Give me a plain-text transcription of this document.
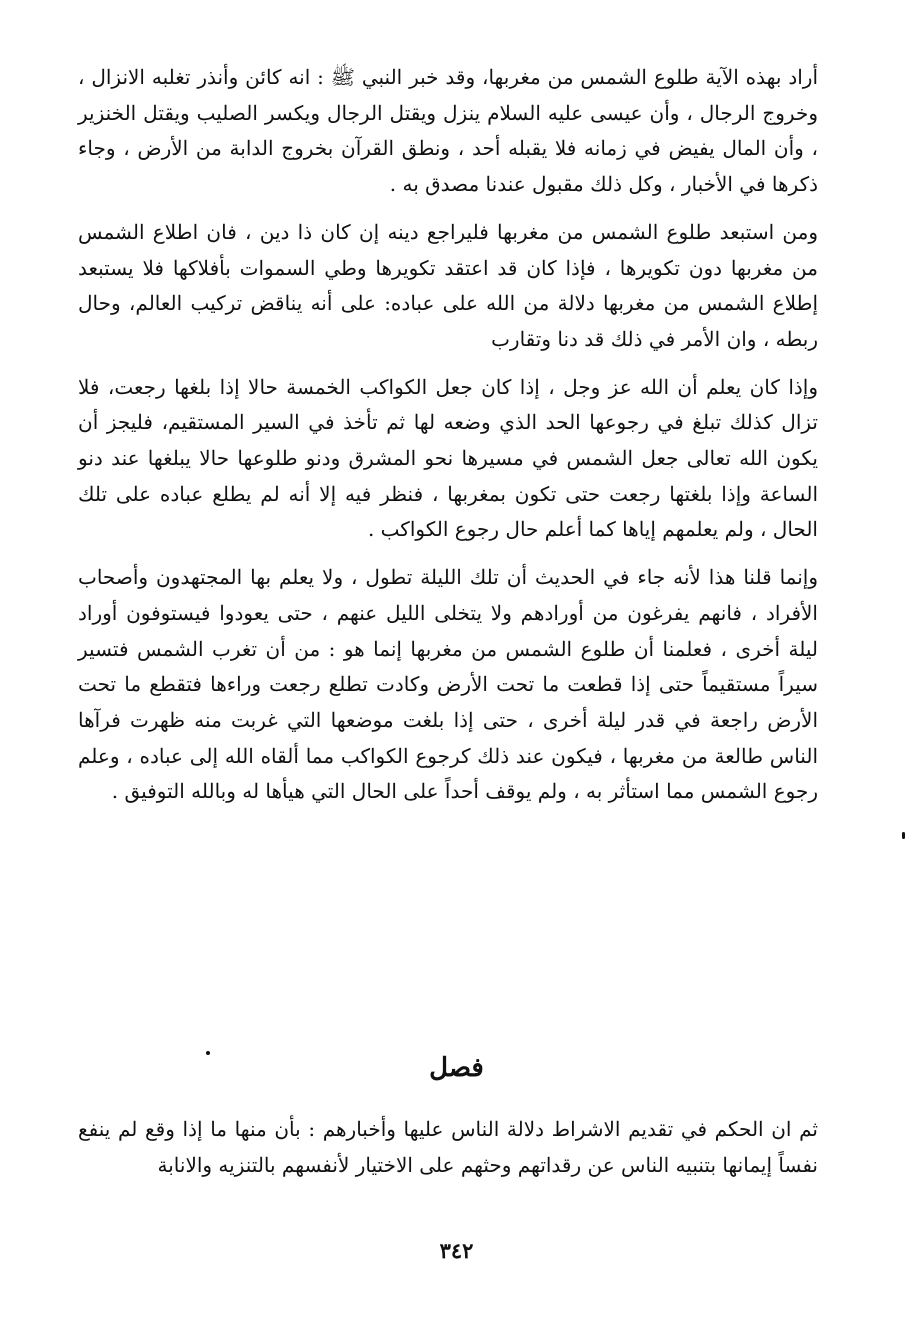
أراد بهذه الآية طلوع الشمس من مغربها، وقد خبر النبي ﷺ : انه كائن وأنذر تغلبه الانزال ، وخروج الرجال ، وأن عيسى عليه السلام ينزل ويقتل الرجال ويكسر الصليب ويقتل الخنزير ، وأن المال يفيض في زمانه فلا يقبله أحد ، ونطق القرآن بخروج الدابة من الأرض ، وجاء ذكرها في الأخبار ، وكل ذلك مقبول عندنا مصدق به .

ومن استبعد طلوع الشمس من مغربها فليراجع دينه إن كان ذا دين ، فان اطلاع الشمس من مغربها دون تكويرها ، فإذا كان قد اعتقد تكويرها وطي السموات بأفلاكها فلا يستبعد إطلاع الشمس من مغربها دلالة من الله على عباده: على أنه يناقض تركيب العالم، وحال ربطه ، وان الأمر في ذلك قد دنا وتقارب

وإذا كان يعلم أن الله عز وجل ، إذا كان جعل الكواكب الخمسة حالا إذا بلغها رجعت، فلا تزال كذلك تبلغ في رجوعها الحد الذي وضعه لها ثم تأخذ في السير المستقيم، فليجز أن يكون الله تعالى جعل الشمس في مسيرها نحو المشرق ودنو طلوعها حالا يبلغها عند دنو الساعة وإذا بلغتها رجعت حتى تكون بمغربها ، فنظر فيه إلا أنه لم يطلع عباده على تلك الحال ، ولم يعلمهم إياها كما أعلم حال رجوع الكواكب .

وإنما قلنا هذا لأنه جاء في الحديث أن تلك الليلة تطول ، ولا يعلم بها المجتهدون وأصحاب الأفراد ، فانهم يفرغون من أورادهم ولا يتخلى الليل عنهم ، حتى يعودوا فيستوفون أوراد ليلة أخرى ، فعلمنا أن طلوع الشمس من مغربها إنما هو : من أن تغرب الشمس فتسير سيراً مستقيماً حتى إذا قطعت ما تحت الأرض وكادت تطلع رجعت وراءها فتقطع ما تحت الأرض راجعة في قدر ليلة أخرى ، حتى إذا بلغت موضعها التي غربت منه ظهرت فرآها الناس طالعة من مغربها ، فيكون عند ذلك كرجوع الكواكب مما ألقاه الله إلى عباده ، وعلم رجوع الشمس مما استأثر به ، ولم يوقف أحداً على الحال التي هيأها له وبالله التوفيق .

فصل

ثم ان الحكم في تقديم الاشراط دلالة الناس عليها وأخبارهم : بأن منها ما إذا وقع لم ينفع نفساً إيمانها بتنبيه الناس عن رقداتهم وحثهم على الاختيار لأنفسهم بالتنزيه والانابة

٣٤٢
